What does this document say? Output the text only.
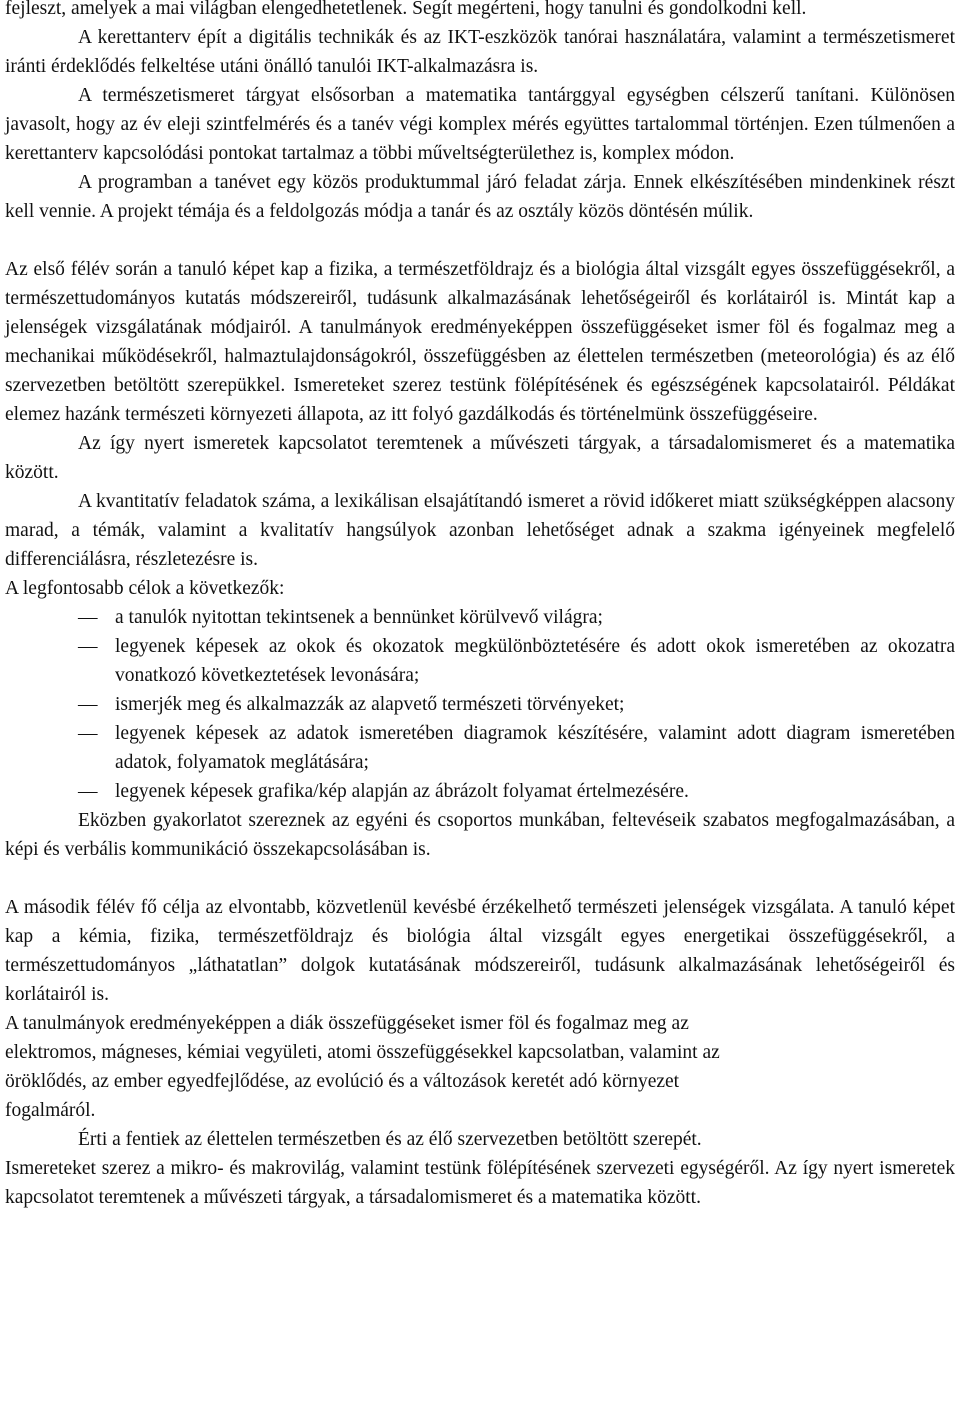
fejleszt, amelyek a mai világban elengedhetetlenek. Segít megérteni, hogy tanulni és gondolkodni kell.

A kerettanterv épít a digitális technikák és az IKT-eszközök tanórai használatára, valamint a természetismeret iránti érdeklődés felkeltése utáni önálló tanulói IKT-alkalmazásra is.

A természetismeret tárgyat elsősorban a matematika tantárggyal egységben célszerű tanítani. Különösen javasolt, hogy az év eleji szintfelmérés és a tanév végi komplex mérés együttes tartalommal történjen. Ezen túlmenően a kerettanterv kapcsolódási pontokat tartalmaz a többi műveltségterülethez is, komplex módon.

A programban a tanévet egy közös produktummal járó feladat zárja. Ennek elkészítésében mindenkinek részt kell vennie. A projekt témája és a feldolgozás módja a tanár és az osztály közös döntésén múlik.

Az első félév során a tanuló képet kap a fizika, a természetföldrajz és a biológia által vizsgált egyes összefüggésekről, a természettudományos kutatás módszereiről, tudásunk alkalmazásának lehetőségeiről és korlátairól is. Mintát kap a jelenségek vizsgálatának módjairól. A tanulmányok eredményeképpen összefüggéseket ismer föl és fogalmaz meg a mechanikai működésekről, halmaztulajdonságokról, összefüggésben az élettelen természetben (meteorológia) és az élő szervezetben betöltött szerepükkel. Ismereteket szerez testünk fölépítésének és egészségének kapcsolatairól. Példákat elemez hazánk természeti környezeti állapota, az itt folyó gazdálkodás és történelmünk összefüggéseire.

Az így nyert ismeretek kapcsolatot teremtenek a művészeti tárgyak, a társadalomismeret és a matematika között.

A kvantitatív feladatok száma, a lexikálisan elsajátítandó ismeret a rövid időkeret miatt szükségképpen alacsony marad, a témák, valamint a kvalitatív hangsúlyok azonban lehetőséget adnak a szakma igényeinek megfelelő differenciálásra, részletezésre is.

A legfontosabb célok a következők:

― a tanulók nyitottan tekintsenek a bennünket körülvevő világra;
― legyenek képesek az okok és okozatok megkülönböztetésére és adott okok ismeretében az okozatra vonatkozó következtetések levonására;
― ismerjék meg és alkalmazzák az alapvető természeti törvényeket;
― legyenek képesek az adatok ismeretében diagramok készítésére, valamint adott diagram ismeretében adatok, folyamatok meglátására;
― legyenek képesek grafika/kép alapján az ábrázolt folyamat értelmezésére.

Eközben gyakorlatot szereznek az egyéni és csoportos munkában, feltevéseik szabatos megfogalmazásában, a képi és verbális kommunikáció összekapcsolásában is.

A második félév fő célja az elvontabb, közvetlenül kevésbé érzékelhető természeti jelenségek vizsgálata. A tanuló képet kap a kémia, fizika, természetföldrajz és biológia által vizsgált egyes energetikai összefüggésekről, a természettudományos „láthatatlan” dolgok kutatásának módszereiről, tudásunk alkalmazásának lehetőségeiről és korlátairól is.

A tanulmányok eredményeképpen a diák összefüggéseket ismer föl és fogalmaz meg az
elektromos, mágneses, kémiai vegyületi, atomi összefüggésekkel kapcsolatban, valamint az
öröklődés, az ember egyedfejlődése, az evolúció és a változások keretét adó környezet
fogalmáról.

Érti a fentiek az élettelen természetben és az élő szervezetben betöltött szerepét.

Ismereteket szerez a mikro- és makrovilág, valamint testünk fölépítésének szervezeti egységéről. Az így nyert ismeretek kapcsolatot teremtenek a művészeti tárgyak, a társadalomismeret és a matematika között.
